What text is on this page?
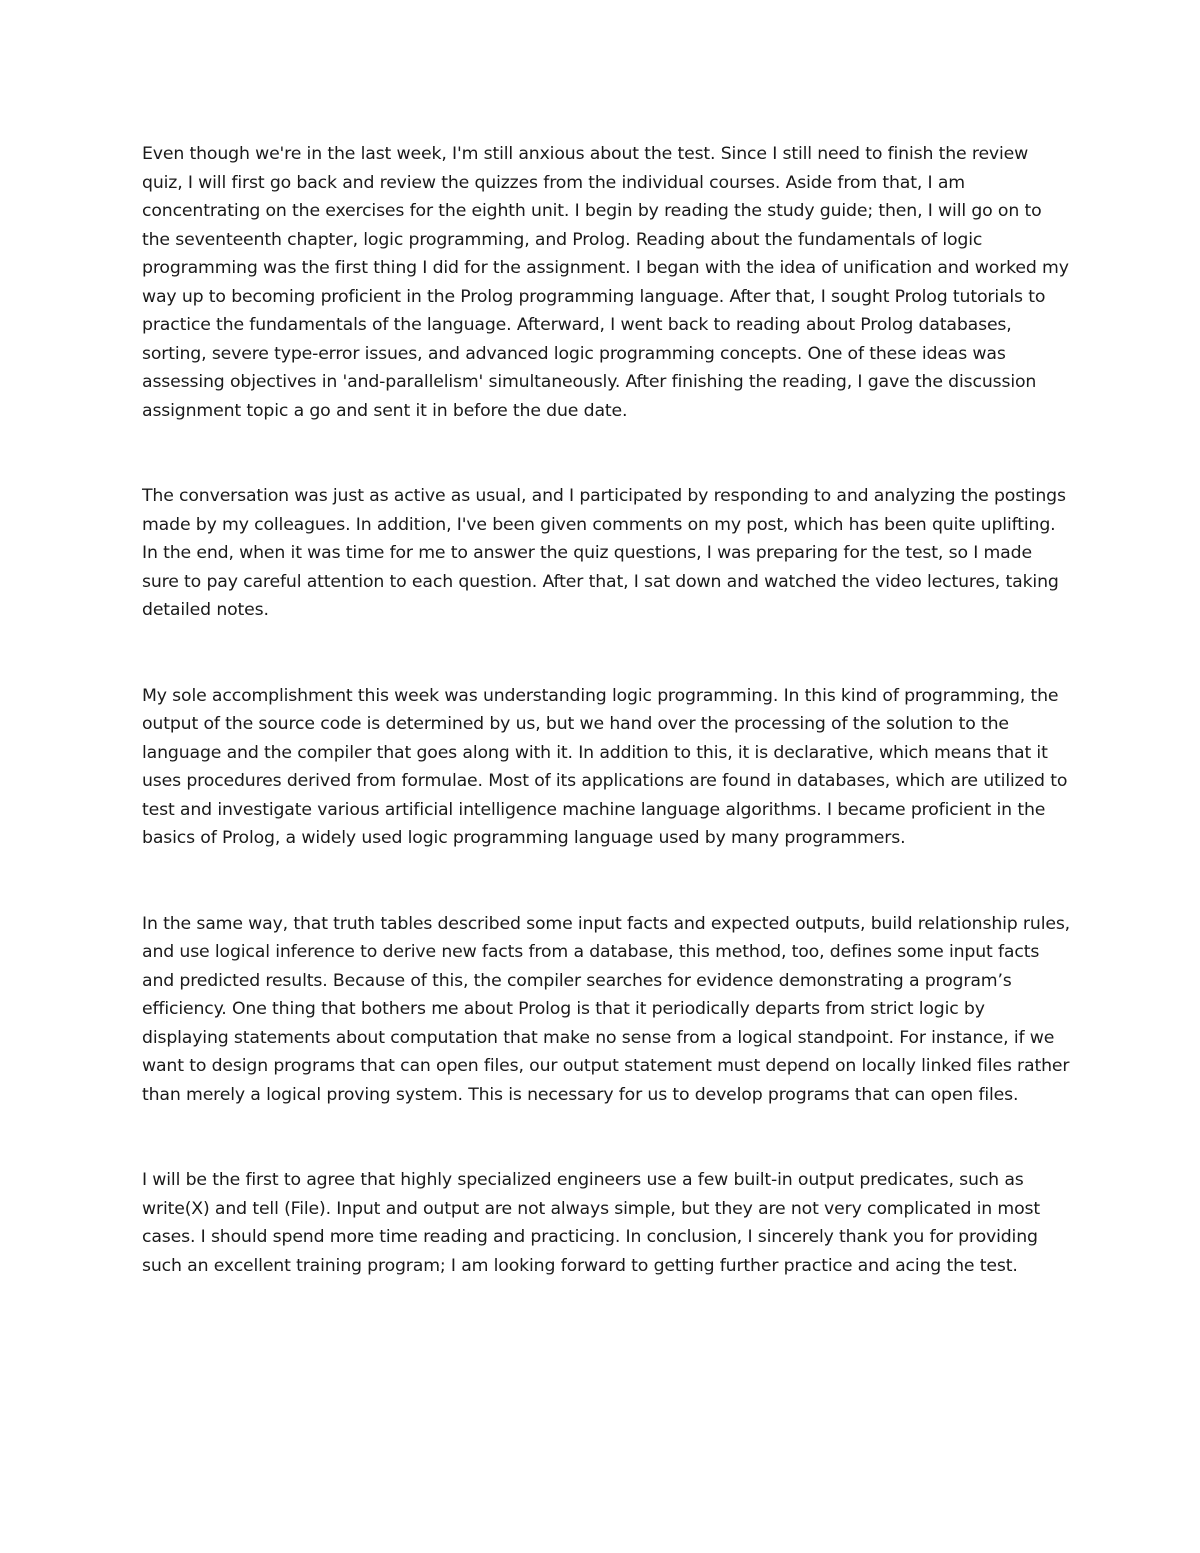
Even though we're in the last week, I'm still anxious about the test. Since I still need to finish the review quiz, I will first go back and review the quizzes from the individual courses. Aside from that, I am concentrating on the exercises for the eighth unit. I begin by reading the study guide; then, I will go on to the seventeenth chapter, logic programming, and Prolog. Reading about the fundamentals of logic programming was the first thing I did for the assignment. I began with the idea of unification and worked my way up to becoming proficient in the Prolog programming language. After that, I sought Prolog tutorials to practice the fundamentals of the language. Afterward, I went back to reading about Prolog databases, sorting, severe type-error issues, and advanced logic programming concepts. One of these ideas was assessing objectives in 'and-parallelism' simultaneously. After finishing the reading, I gave the discussion assignment topic a go and sent it in before the due date.

The conversation was just as active as usual, and I participated by responding to and analyzing the postings made by my colleagues. In addition, I've been given comments on my post, which has been quite uplifting. In the end, when it was time for me to answer the quiz questions, I was preparing for the test, so I made sure to pay careful attention to each question. After that, I sat down and watched the video lectures, taking detailed notes.

My sole accomplishment this week was understanding logic programming. In this kind of programming, the output of the source code is determined by us, but we hand over the processing of the solution to the language and the compiler that goes along with it. In addition to this, it is declarative, which means that it uses procedures derived from formulae. Most of its applications are found in databases, which are utilized to test and investigate various artificial intelligence machine language algorithms. I became proficient in the basics of Prolog, a widely used logic programming language used by many programmers.

In the same way, that truth tables described some input facts and expected outputs, build relationship rules, and use logical inference to derive new facts from a database, this method, too, defines some input facts and predicted results. Because of this, the compiler searches for evidence demonstrating a program’s efficiency. One thing that bothers me about Prolog is that it periodically departs from strict logic by displaying statements about computation that make no sense from a logical standpoint. For instance, if we want to design programs that can open files, our output statement must depend on locally linked files rather than merely a logical proving system. This is necessary for us to develop programs that can open files.

I will be the first to agree that highly specialized engineers use a few built-in output predicates, such as write(X) and tell (File). Input and output are not always simple, but they are not very complicated in most cases. I should spend more time reading and practicing. In conclusion, I sincerely thank you for providing such an excellent training program; I am looking forward to getting further practice and acing the test.
